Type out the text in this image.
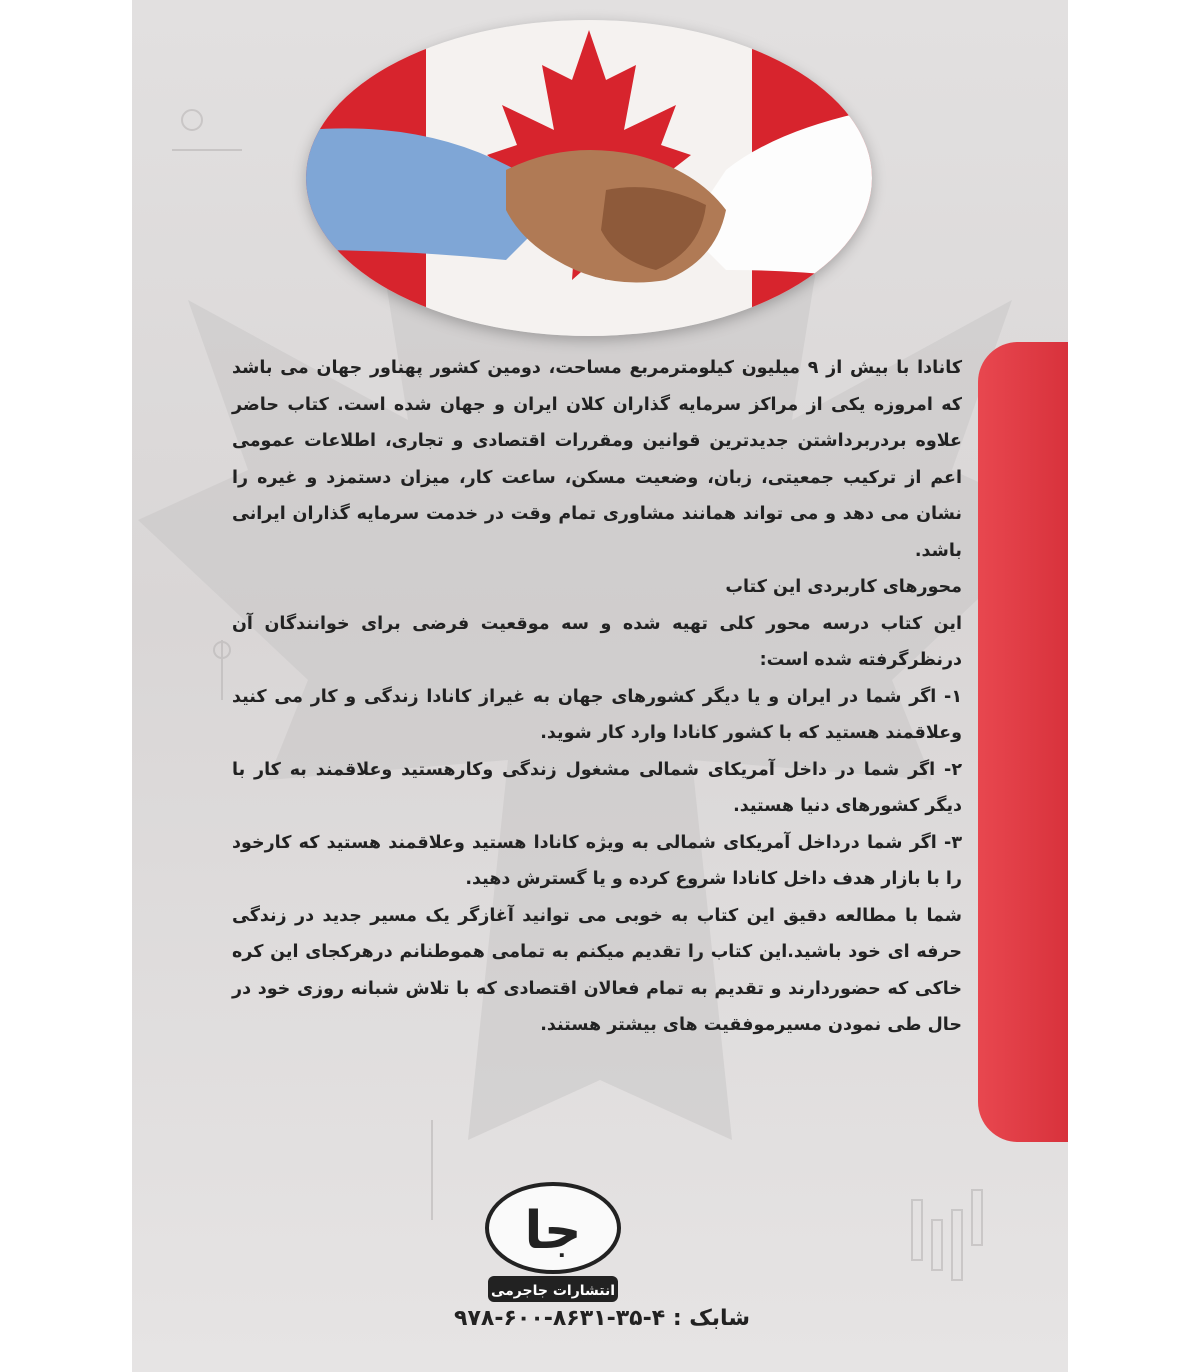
کانادا با بیش از ۹ میلیون کیلومترمربع مساحت، دومین کشور پهناور جهان می باشد که امروزه یکی از مراکز سرمایه گذاران کلان ایران و جهان شده است. کتاب حاضر علاوه بردربرداشتن جدیدترین قوانین ومقررات اقتصادی و تجاری، اطلاعات عمومی اعم از ترکیب جمعیتی، زبان، وضعیت مسکن، ساعت کار، میزان دستمزد و غیره را نشان می دهد و می تواند همانند مشاوری تمام وقت در خدمت سرمایه گذاران ایرانی باشد.

محورهای کاربردی این کتاب

این کتاب درسه محور کلی تهیه شده و سه موقعیت فرضی برای خوانندگان آن درنظرگرفته شده است:

۱- اگر شما در ایران و یا دیگر کشورهای جهان به غیراز کانادا زندگی و کار می کنید وعلاقمند هستید که با کشور کانادا وارد کار شوید.

۲- اگر شما در داخل آمریکای شمالی مشغول زندگی وکارهستید وعلاقمند به کار با دیگر کشورهای دنیا هستید.

۳- اگر شما درداخل آمریکای شمالی به ویژه کانادا هستید وعلاقمند هستید که کارخود را با بازار هدف داخل کانادا شروع کرده و یا گسترش دهید.

شما با مطالعه دقیق این کتاب به خوبی می توانید آغازگر یک مسیر جدید در زندگی حرفه ای خود باشید.این کتاب را تقدیم میکنم به تمامی هموطنانم درهرکجای این کره خاکی که حضوردارند و تقدیم به تمام فعالان اقتصادی که با تلاش شبانه روزی خود در حال طی نمودن مسیرموفقیت های بیشتر هستند.

جا
انتشارات جاجرمی
شابک : ۹۷۸-۶۰۰-۸۶۳۱-۳۵-۴
